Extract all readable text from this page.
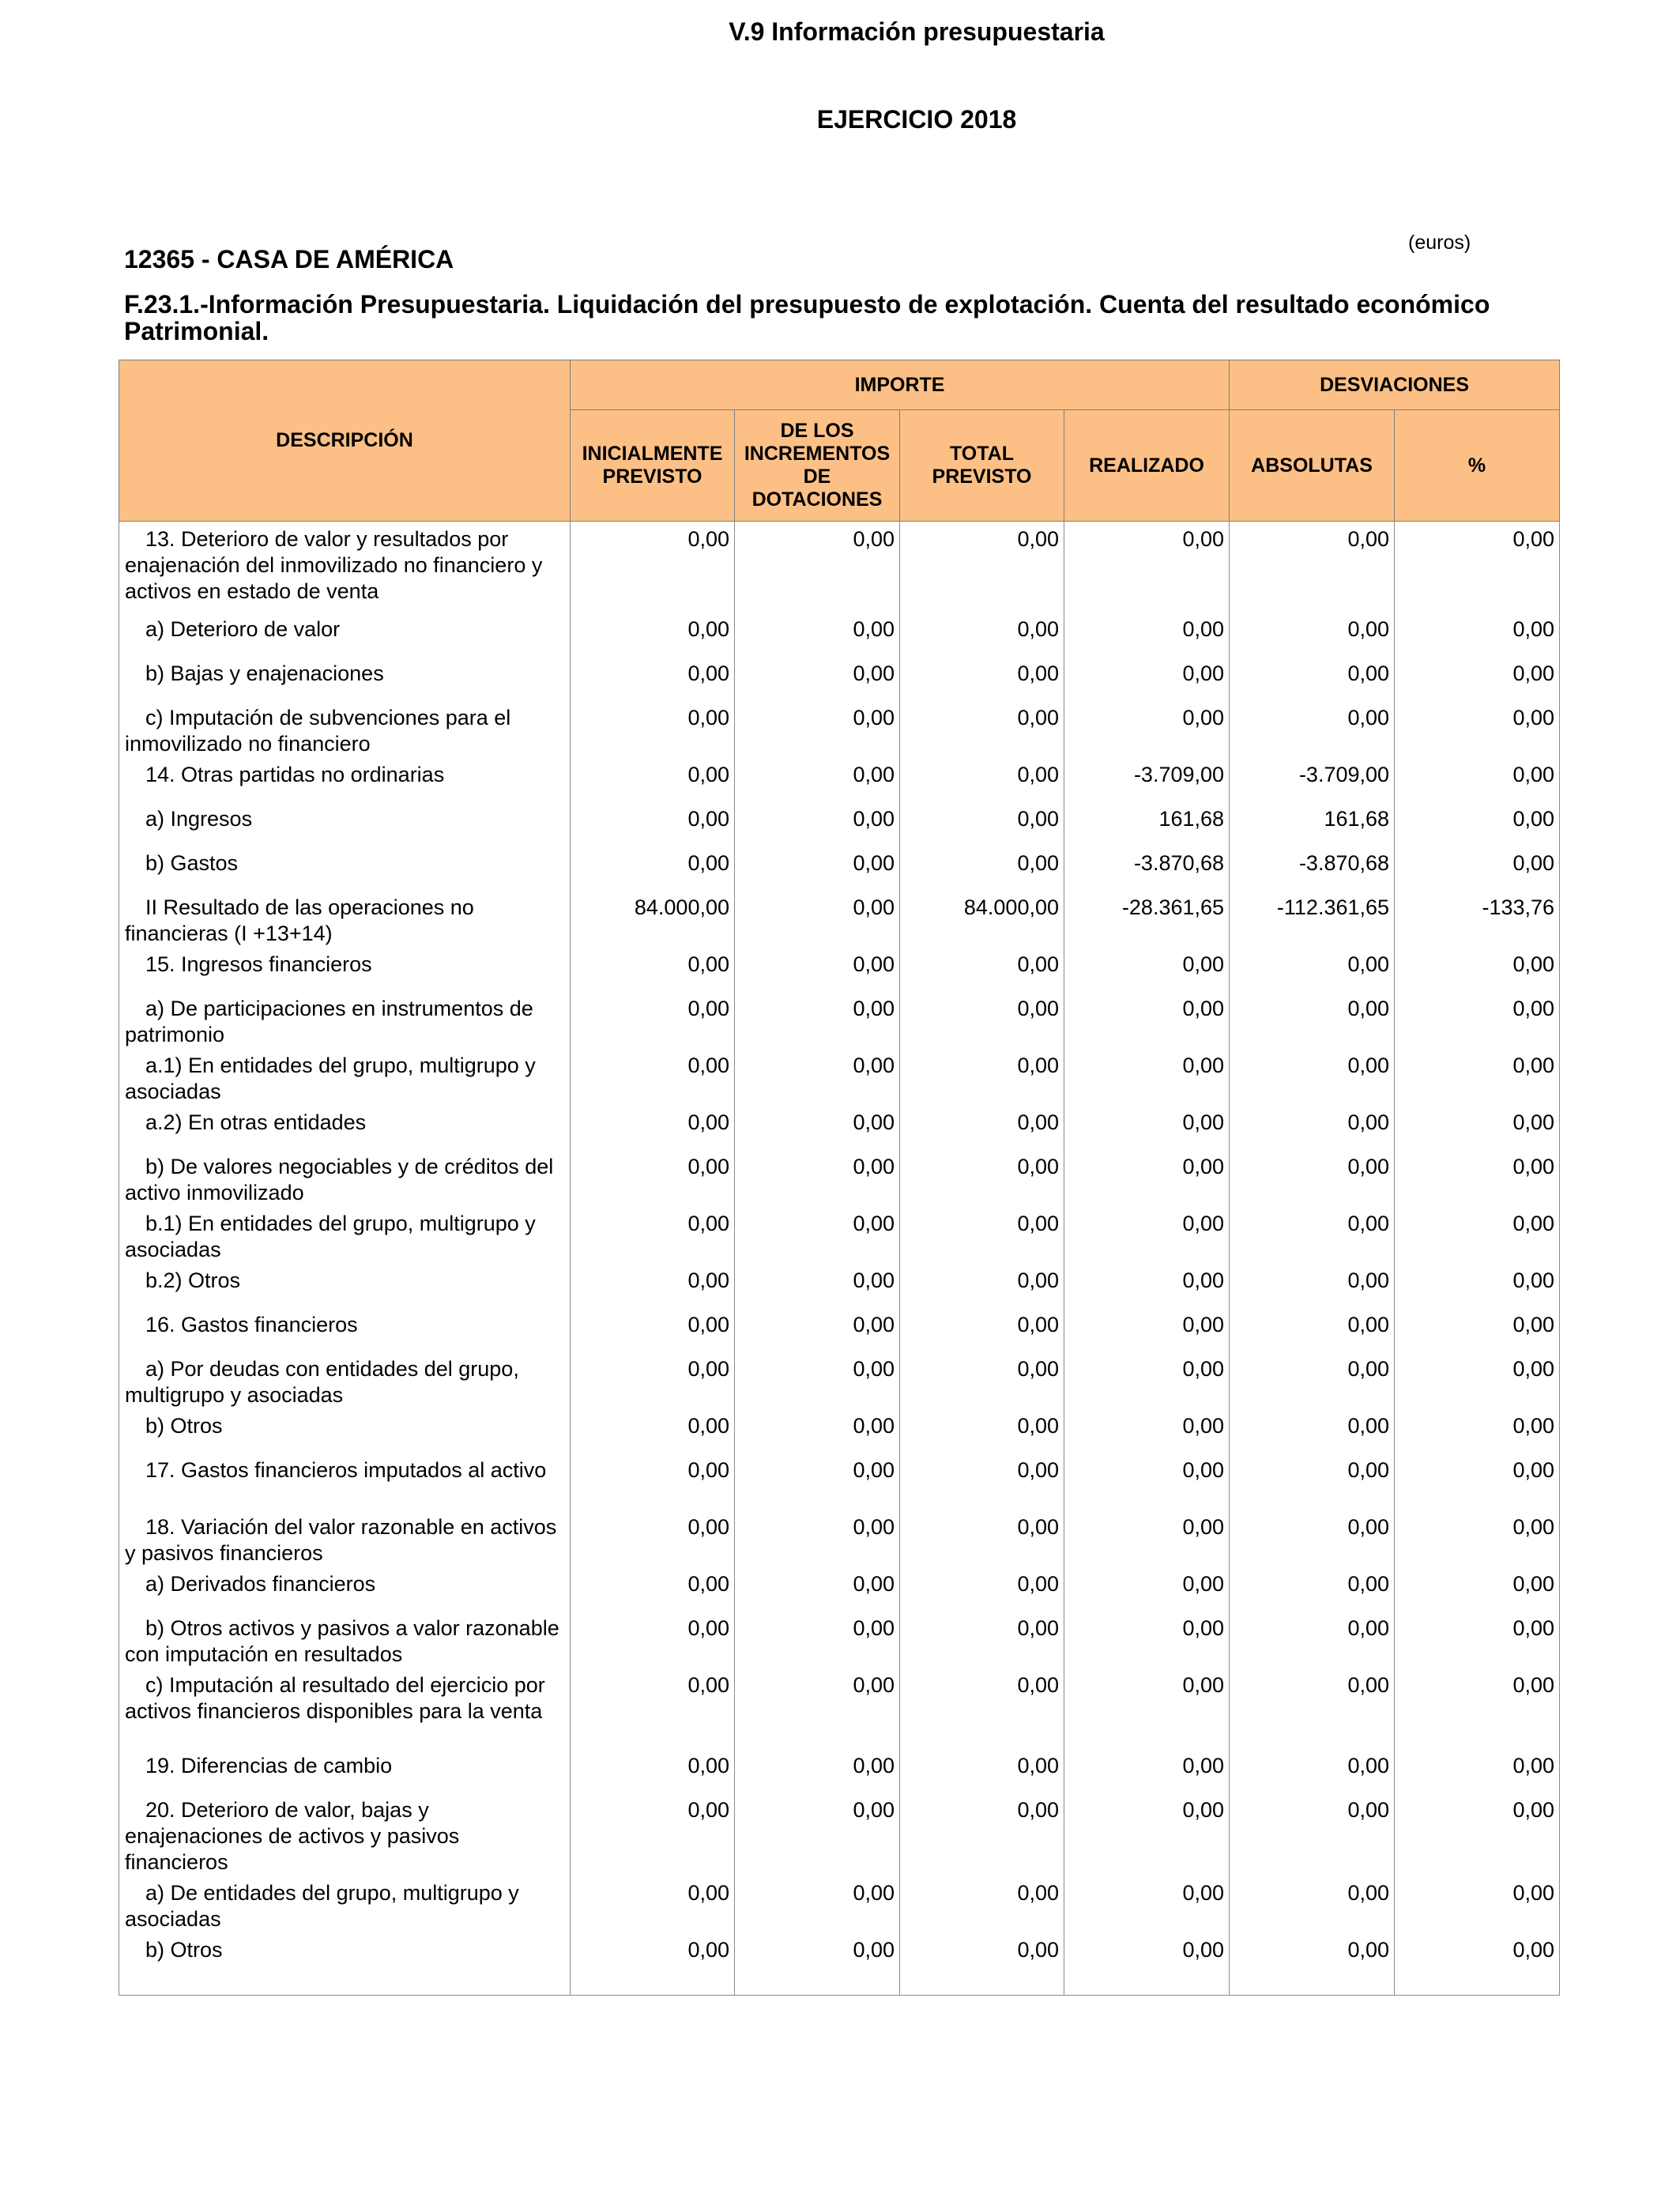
V.9 Información presupuestaria
EJERCICIO 2018
12365 - CASA DE AMÉRICA
(euros)
F.23.1.-Información Presupuestaria. Liquidación del presupuesto de explotación. Cuenta del resultado económico Patrimonial.
DESCRIPCIÓN	IMPORTE				DESVIACIONES	
	INICIALMENTE PREVISTO	DE LOS INCREMENTOS DE DOTACIONES	TOTAL PREVISTO	REALIZADO	ABSOLUTAS	%
13. Deterioro de valor y resultados por enajenación del inmovilizado no financiero y activos en estado de venta	0,00	0,00	0,00	0,00	0,00	0,00
a) Deterioro de valor	0,00	0,00	0,00	0,00	0,00	0,00
b) Bajas y enajenaciones	0,00	0,00	0,00	0,00	0,00	0,00
c) Imputación de subvenciones para el inmovilizado no financiero	0,00	0,00	0,00	0,00	0,00	0,00
14. Otras partidas no ordinarias	0,00	0,00	0,00	-3.709,00	-3.709,00	0,00
a) Ingresos	0,00	0,00	0,00	161,68	161,68	0,00
b) Gastos	0,00	0,00	0,00	-3.870,68	-3.870,68	0,00
II Resultado de las operaciones no financieras (I +13+14)	84.000,00	0,00	84.000,00	-28.361,65	-112.361,65	-133,76
15. Ingresos financieros	0,00	0,00	0,00	0,00	0,00	0,00
a) De participaciones en instrumentos de patrimonio	0,00	0,00	0,00	0,00	0,00	0,00
a.1) En entidades del grupo, multigrupo y asociadas	0,00	0,00	0,00	0,00	0,00	0,00
a.2) En otras entidades	0,00	0,00	0,00	0,00	0,00	0,00
b) De valores negociables y de créditos del activo inmovilizado	0,00	0,00	0,00	0,00	0,00	0,00
b.1) En entidades del grupo, multigrupo y asociadas	0,00	0,00	0,00	0,00	0,00	0,00
b.2) Otros	0,00	0,00	0,00	0,00	0,00	0,00
16. Gastos financieros	0,00	0,00	0,00	0,00	0,00	0,00
a) Por deudas con entidades del grupo, multigrupo y asociadas	0,00	0,00	0,00	0,00	0,00	0,00
b) Otros	0,00	0,00	0,00	0,00	0,00	0,00
17. Gastos financieros imputados al activo	0,00	0,00	0,00	0,00	0,00	0,00
18. Variación del valor razonable en activos y pasivos financieros	0,00	0,00	0,00	0,00	0,00	0,00
a) Derivados financieros	0,00	0,00	0,00	0,00	0,00	0,00
b) Otros activos y pasivos a valor razonable con imputación en resultados	0,00	0,00	0,00	0,00	0,00	0,00
c) Imputación al resultado del ejercicio por activos financieros disponibles para la venta	0,00	0,00	0,00	0,00	0,00	0,00
19. Diferencias de cambio	0,00	0,00	0,00	0,00	0,00	0,00
20. Deterioro de valor, bajas y enajenaciones de activos y pasivos financieros	0,00	0,00	0,00	0,00	0,00	0,00
a) De entidades del grupo, multigrupo y asociadas	0,00	0,00	0,00	0,00	0,00	0,00
b) Otros	0,00	0,00	0,00	0,00	0,00	0,00
